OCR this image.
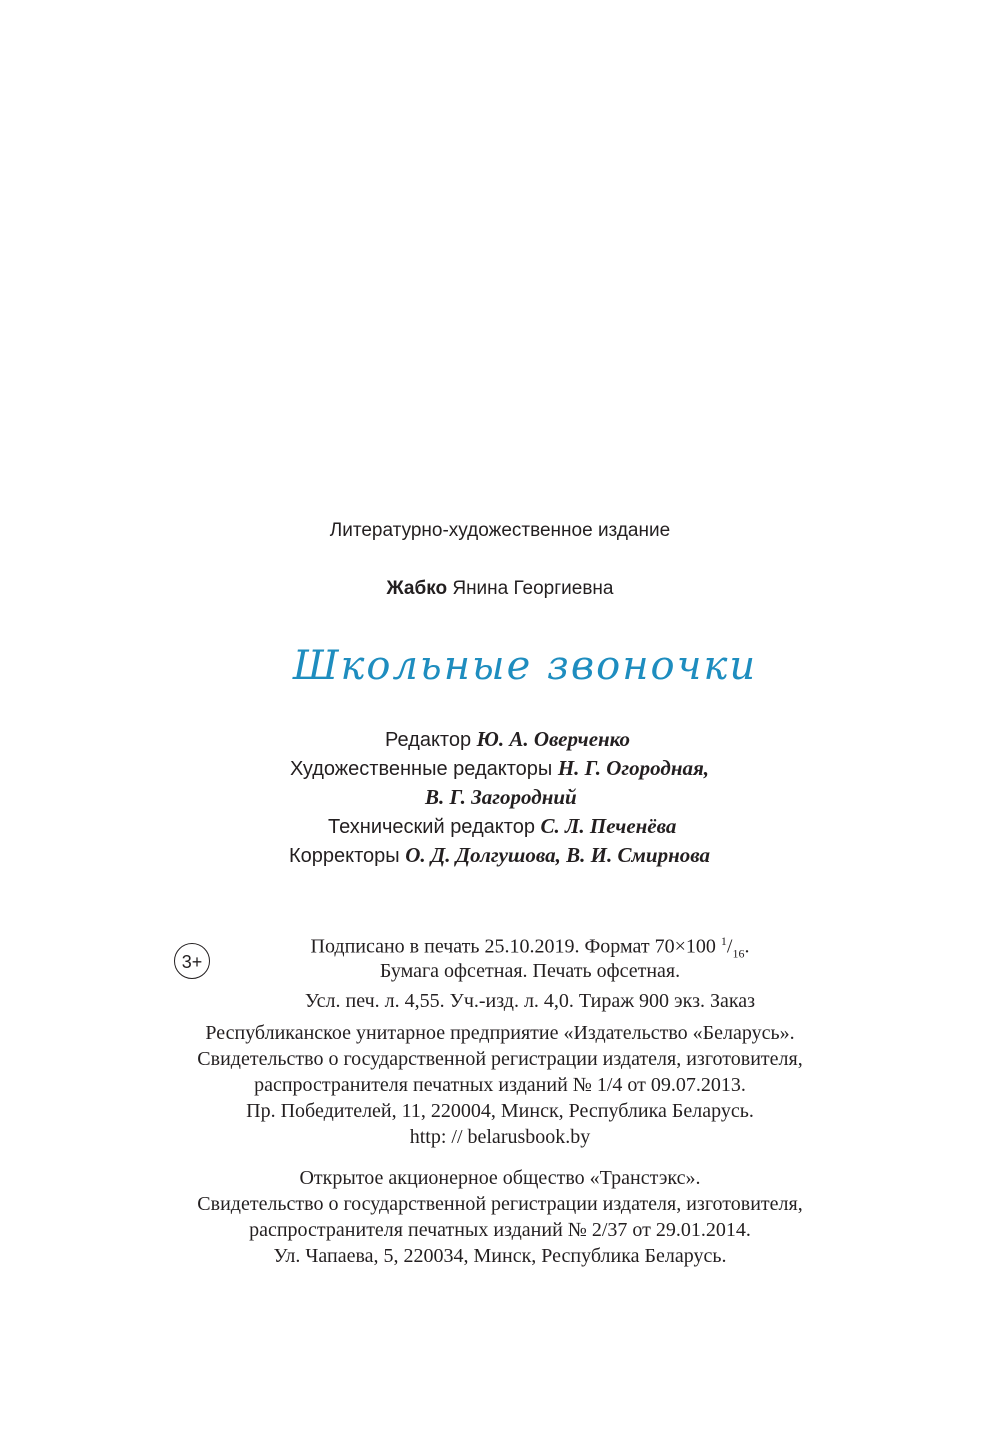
Литературно-художественное издание
Жабко Янина Георгиевна
Школьные звоночки
Редактор Ю. А. Оверченко
Художественные редакторы Н. Г. Огородная,
В. Г. Загородний
Технический редактор С. Л. Печенёва
Корректоры О. Д. Долгушова, В. И. Смирнова
3+
Подписано в печать 25.10.2019. Формат 70×100 $^1/_{16}$.
Бумага офсетная. Печать офсетная.
Усл. печ. л. 4,55. Уч.-изд. л. 4,0. Тираж 900 экз. Заказ
Республиканское унитарное предприятие «Издательство «Беларусь».
Свидетельство о государственной регистрации издателя, изготовителя,
распространителя печатных изданий № 1/4 от 09.07.2013.
Пр. Победителей, 11, 220004, Минск, Республика Беларусь.
http: // belarusbook.by
Открытое акционерное общество «Транстэкс».
Свидетельство о государственной регистрации издателя, изготовителя,
распространителя печатных изданий № 2/37 от 29.01.2014.
Ул. Чапаева, 5, 220034, Минск, Республика Беларусь.
